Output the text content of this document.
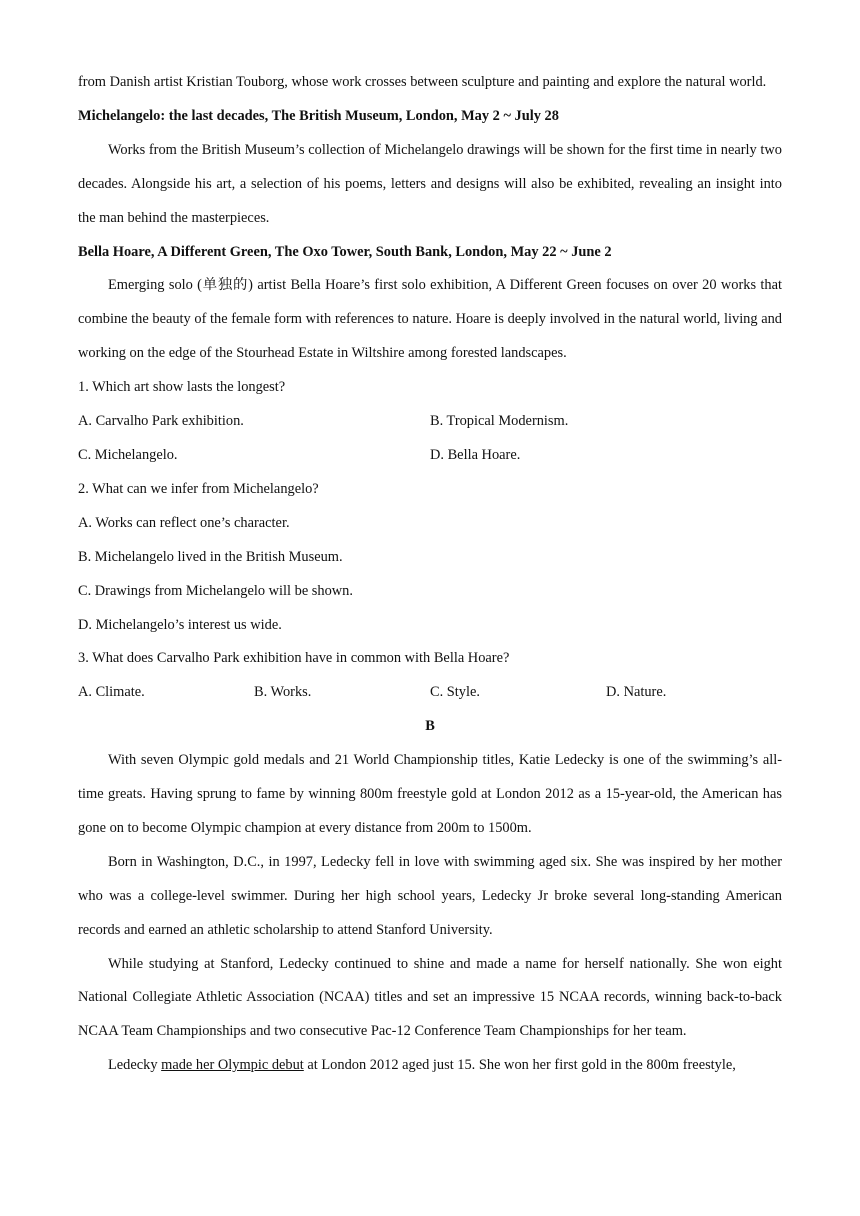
from Danish artist Kristian Touborg, whose work crosses between sculpture and painting and explore the natural world.

Michelangelo: the last decades, The British Museum, London, May 2 ~ July 28

Works from the British Museum’s collection of Michelangelo drawings will be shown for the first time in nearly two decades. Alongside his art, a selection of his poems, letters and designs will also be exhibited, revealing an insight into the man behind the masterpieces.

Bella Hoare, A Different Green, The Oxo Tower, South Bank, London, May 22 ~ June 2

Emerging solo (单独的) artist Bella Hoare’s first solo exhibition, A Different Green focuses on over 20 works that combine the beauty of the female form with references to nature. Hoare is deeply involved in the natural world, living and working on the edge of the Stourhead Estate in Wiltshire among forested landscapes.

1. Which art show lasts the longest?

A. Carvalho Park exhibition.	B. Tropical Modernism.
C. Michelangelo.	D. Bella Hoare.

2. What can we infer from Michelangelo?

A. Works can reflect one’s character.

B. Michelangelo lived in the British Museum.

C. Drawings from Michelangelo will be shown.

D. Michelangelo’s interest us wide.

3. What does Carvalho Park exhibition have in common with Bella Hoare?

A. Climate.	B. Works.	C. Style.	D. Nature.

B

With seven Olympic gold medals and 21 World Championship titles, Katie Ledecky is one of the swimming’s all-time greats. Having sprung to fame by winning 800m freestyle gold at London 2012 as a 15-year-old, the American has gone on to become Olympic champion at every distance from 200m to 1500m.

Born in Washington, D.C., in 1997, Ledecky fell in love with swimming aged six. She was inspired by her mother who was a college-level swimmer. During her high school years, Ledecky Jr broke several long-standing American records and earned an athletic scholarship to attend Stanford University.

While studying at Stanford, Ledecky continued to shine and made a name for herself nationally. She won eight National Collegiate Athletic Association (NCAA) titles and set an impressive 15 NCAA records, winning back-to-back NCAA Team Championships and two consecutive Pac-12 Conference Team Championships for her team.

Ledecky made her Olympic debut at London 2012 aged just 15. She won her first gold in the 800m freestyle,
